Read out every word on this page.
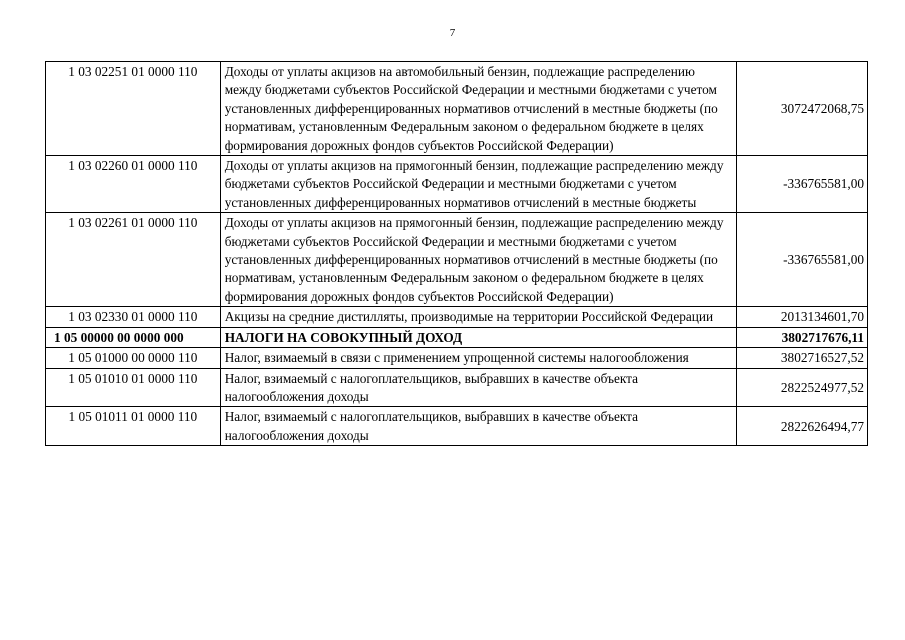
7
1 03 02251 01 0000 110	Доходы от уплаты акцизов на автомобильный бензин, подлежащие распределению между бюджетами субъектов Российской Федерации и местными бюджетами с учетом установленных дифференцированных нормативов отчислений в местные бюджеты (по нормативам, установленным Федеральным законом о федеральном бюджете в целях формирования дорожных фондов субъектов Российской Федерации)	3072472068,75
1 03 02260 01 0000 110	Доходы от уплаты акцизов на прямогонный бензин, подлежащие распределению между бюджетами субъектов Российской Федерации и местными бюджетами с учетом установленных дифференцированных нормативов отчислений в местные бюджеты	-336765581,00
1 03 02261 01 0000 110	Доходы от уплаты акцизов на прямогонный бензин, подлежащие распределению между бюджетами субъектов Российской Федерации и местными бюджетами с учетом установленных дифференцированных нормативов отчислений в местные бюджеты (по нормативам, установленным Федеральным законом о федеральном бюджете в целях формирования дорожных фондов субъектов Российской Федерации)	-336765581,00
1 03 02330 01 0000 110	Акцизы на средние дистилляты, производимые на территории Российской Федерации	2013134601,70
1 05 00000 00 0000 000	НАЛОГИ НА СОВОКУПНЫЙ ДОХОД	3802717676,11
1 05 01000 00 0000 110	Налог, взимаемый в связи с применением упрощенной системы налогообложения	3802716527,52
1 05 01010 01 0000 110	Налог, взимаемый с налогоплательщиков, выбравших в качестве объекта налогообложения доходы	2822524977,52
1 05 01011 01 0000 110	Налог, взимаемый с налогоплательщиков, выбравших в качестве объекта налогообложения доходы	2822626494,77
